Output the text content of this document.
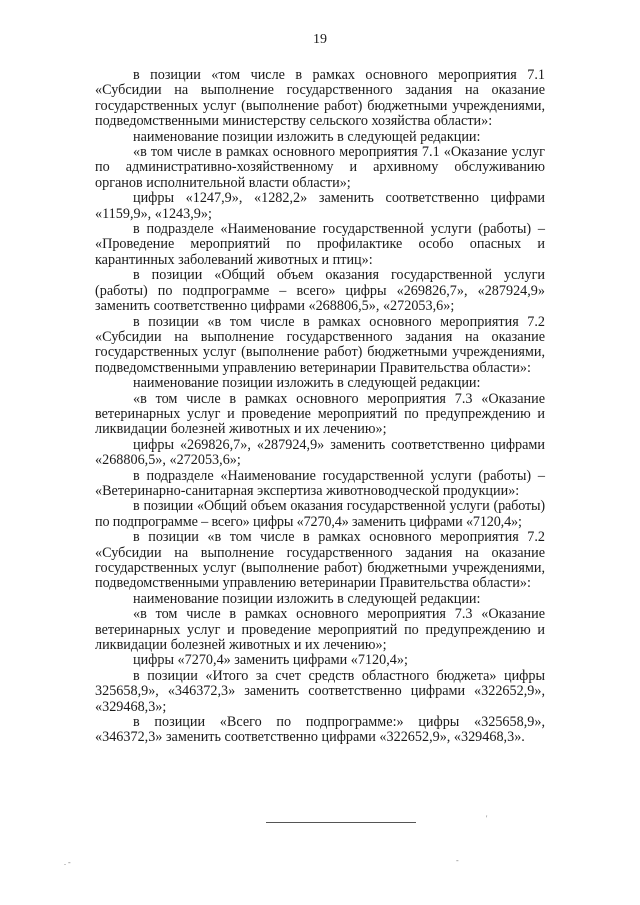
19

в позиции «том числе в рамках основного мероприятия 7.1 «Субсидии на выполнение государственного задания на оказание государственных услуг (выполнение работ) бюджетными учреждениями, подведомственными министерству сельского хозяйства области»:

наименование позиции изложить в следующей редакции:

«в том числе в рамках основного мероприятия 7.1 «Оказание услуг по административно-хозяйственному и архивному обслуживанию органов исполнительной власти области»;

цифры «1247,9», «1282,2» заменить соответственно цифрами «1159,9», «1243,9»;

в подразделе «Наименование государственной услуги (работы) – «Проведение мероприятий по профилактике особо опасных и карантинных заболеваний животных и птиц»:

в позиции «Общий объем оказания государственной услуги (работы) по подпрограмме – всего» цифры «269826,7», «287924,9» заменить соответственно цифрами «268806,5», «272053,6»;

в позиции «в том числе в рамках основного мероприятия 7.2 «Субсидии на выполнение государственного задания на оказание государственных услуг (выполнение работ) бюджетными учреждениями, подведомственными управлению ветеринарии Правительства области»:

наименование позиции изложить в следующей редакции:

«в том числе в рамках основного мероприятия 7.3 «Оказание ветеринарных услуг и проведение мероприятий по предупреждению и ликвидации болезней животных и их лечению»;

цифры «269826,7», «287924,9» заменить соответственно цифрами «268806,5», «272053,6»;

в подразделе «Наименование государственной услуги (работы) – «Ветеринарно-санитарная экспертиза животноводческой продукции»:

в позиции «Общий объем оказания государственной услуги (работы) по подпрограмме – всего» цифры «7270,4» заменить цифрами «7120,4»;

в позиции «в том числе в рамках основного мероприятия 7.2 «Субсидии на выполнение государственного задания на оказание государственных услуг (выполнение работ) бюджетными учреждениями, подведомственными управлению ветеринарии Правительства области»:

наименование позиции изложить в следующей редакции:

«в том числе в рамках основного мероприятия 7.3 «Оказание ветеринарных услуг и проведение мероприятий по предупреждению и ликвидации болезней животных и их лечению»;

цифры «7270,4» заменить цифрами «7120,4»;

в позиции «Итого за счет средств областного бюджета» цифры 325658,9», «346372,3» заменить соответственно цифрами «322652,9», «329468,3»;

в позиции «Всего по подпрограмме:» цифры «325658,9», «346372,3» заменить соответственно цифрами «322652,9», «329468,3».

'
. -	-
